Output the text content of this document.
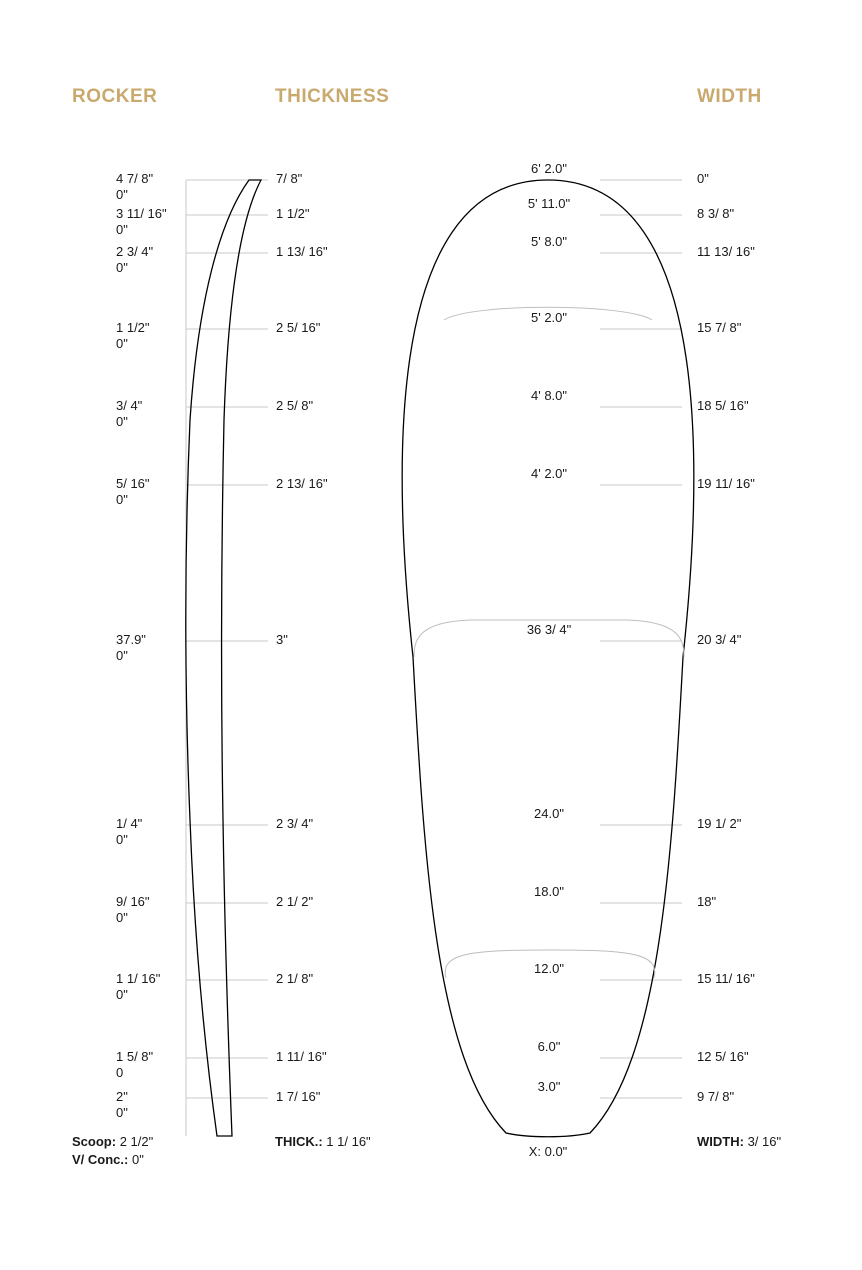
ROCKER	THICKNESS	WIDTH
4 7/ 8"
0"
7/ 8"
6' 2.0"
0"
3 11/ 16"
0"
1 1/2"
5' 11.0"
8 3/ 8"
2 3/ 4"
0"
1 13/ 16"
5' 8.0"
11 13/ 16"
1 1/2"
0"
2 5/ 16"
5' 2.0"
15 7/ 8"
3/ 4"
0"
2 5/ 8"
4' 8.0"
18 5/ 16"
5/ 16"
0"
2 13/ 16"
4' 2.0"
19 11/ 16"
37.9"
0"
3"
36 3/ 4"
20 3/ 4"
1/ 4"
0"
2 3/ 4"
24.0"
19 1/ 2"
9/ 16"
0"
2 1/ 2"
18.0"
18"
1 1/ 16"
0"
2 1/ 8"
12.0"
15 11/ 16"
1 5/ 8"
0
1 11/ 16"
6.0"
12 5/ 16"
2"
0"
1 7/ 16"
3.0"
9 7/ 8"
Scoop: 2 1/2"
V/ Conc.: 0"
THICK.: 1 1/ 16"
X: 0.0"
WIDTH: 3/ 16"
